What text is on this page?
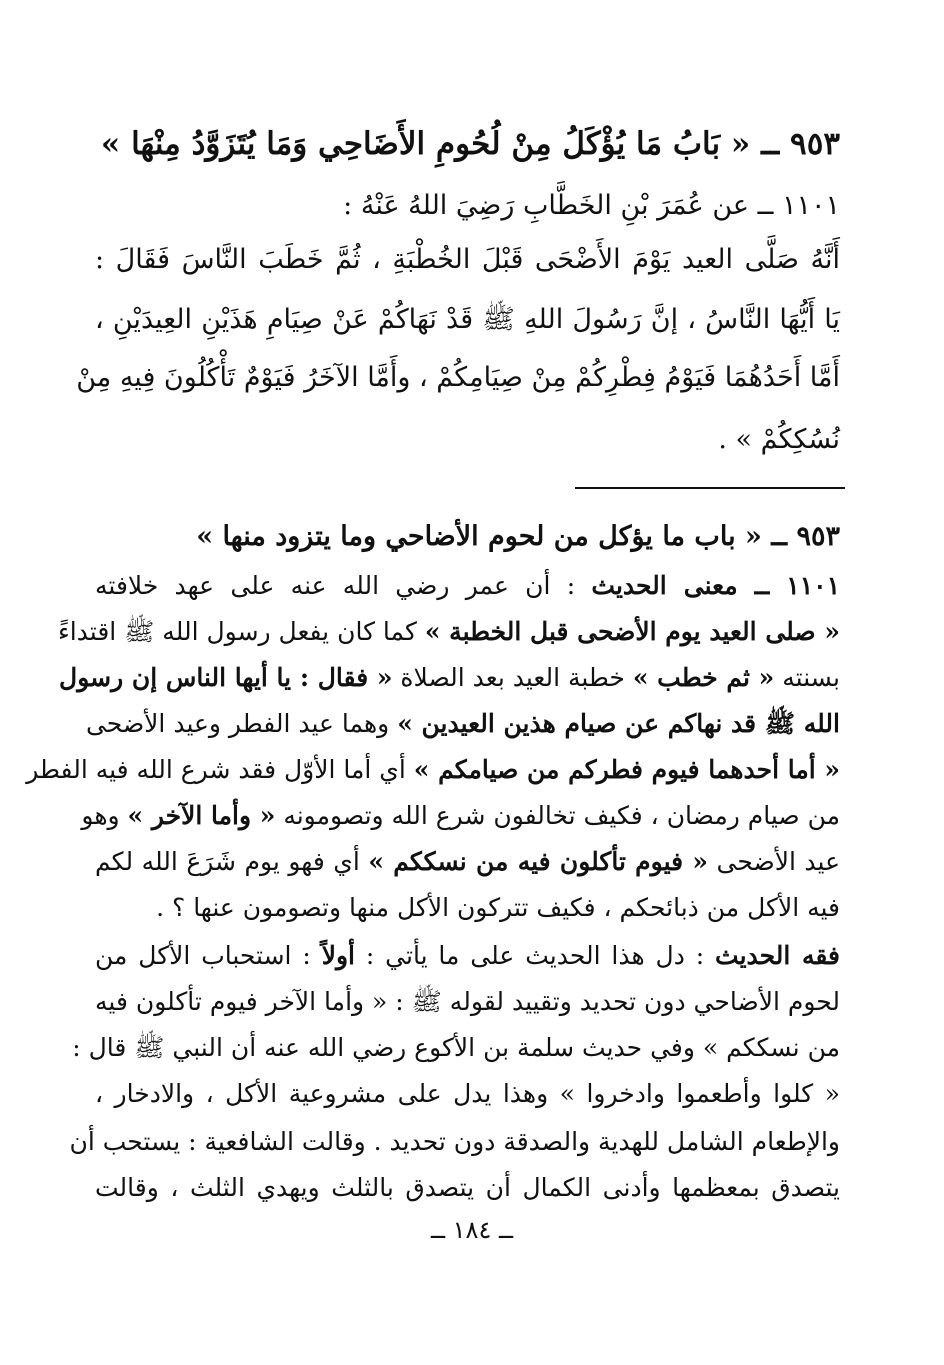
٩٥٣ ــ « بَابُ مَا يُؤْكَلُ مِنْ لُحُومِ الأَضَاحِي وَمَا يُتَزَوَّدُ مِنْهَا »
١١٠١ ــ عن عُمَرَ بْنِ الخَطَّابِ رَضِيَ اللهُ عَنْهُ :
أَنَّهُ صَلَّى العيد يَوْمَ الأَضْحَى قَبْلَ الخُطْبَةِ ، ثُمَّ خَطَبَ النَّاسَ فَقَالَ :
يَا أَيُّهَا النَّاسُ ، إنَّ رَسُولَ اللهِ ﷺ قَدْ نَهَاكُمْ عَنْ صِيَامِ هَذَيْنِ العِيدَيْنِ ،
أَمَّا أَحَدُهُمَا فَيَوْمُ فِطْرِكُمْ مِنْ صِيَامِكُمْ ، وأَمَّا الآخَرُ فَيَوْمٌ تَأْكُلُونَ فِيهِ مِنْ
نُسُكِكُمْ » .
٩٥٣ ــ « باب ما يؤكل من لحوم الأضاحي وما يتزود منها »
١١٠١ ــ معنى الحديث : أن عمر رضي الله عنه على عهد خلافته
« صلى العيد يوم الأضحى قبل الخطبة » كما كان يفعل رسول الله ﷺ اقتداءً
بسنته « ثم خطب » خطبة العيد بعد الصلاة « فقال : يا أيها الناس إن رسول
الله ﷺ قد نهاكم عن صيام هذين العيدين » وهما عيد الفطر وعيد الأضحى
« أما أحدهما فيوم فطركم من صيامكم » أي أما الأوّل فقد شرع الله فيه الفطر
من صيام رمضان ، فكيف تخالفون شرع الله وتصومونه « وأما الآخر » وهو
عيد الأضحى « فيوم تأكلون فيه من نسككم » أي فهو يوم شَرَعَ الله لكم
فيه الأكل من ذبائحكم ، فكيف تتركون الأكل منها وتصومون عنها ؟ .
فقه الحديث : دل هذا الحديث على ما يأتي : أولاً : استحباب الأكل من
لحوم الأضاحي دون تحديد وتقييد لقوله ﷺ : « وأما الآخر فيوم تأكلون فيه
من نسككم » وفي حديث سلمة بن الأكوع رضي الله عنه أن النبي ﷺ قال :
« كلوا وأطعموا وادخروا » وهذا يدل على مشروعية الأكل ، والادخار ،
والإطعام الشامل للهدية والصدقة دون تحديد . وقالت الشافعية : يستحب أن
يتصدق بمعظمها وأدنى الكمال أن يتصدق بالثلث ويهدي الثلث ، وقالت
ــ ١٨٤ ــ
